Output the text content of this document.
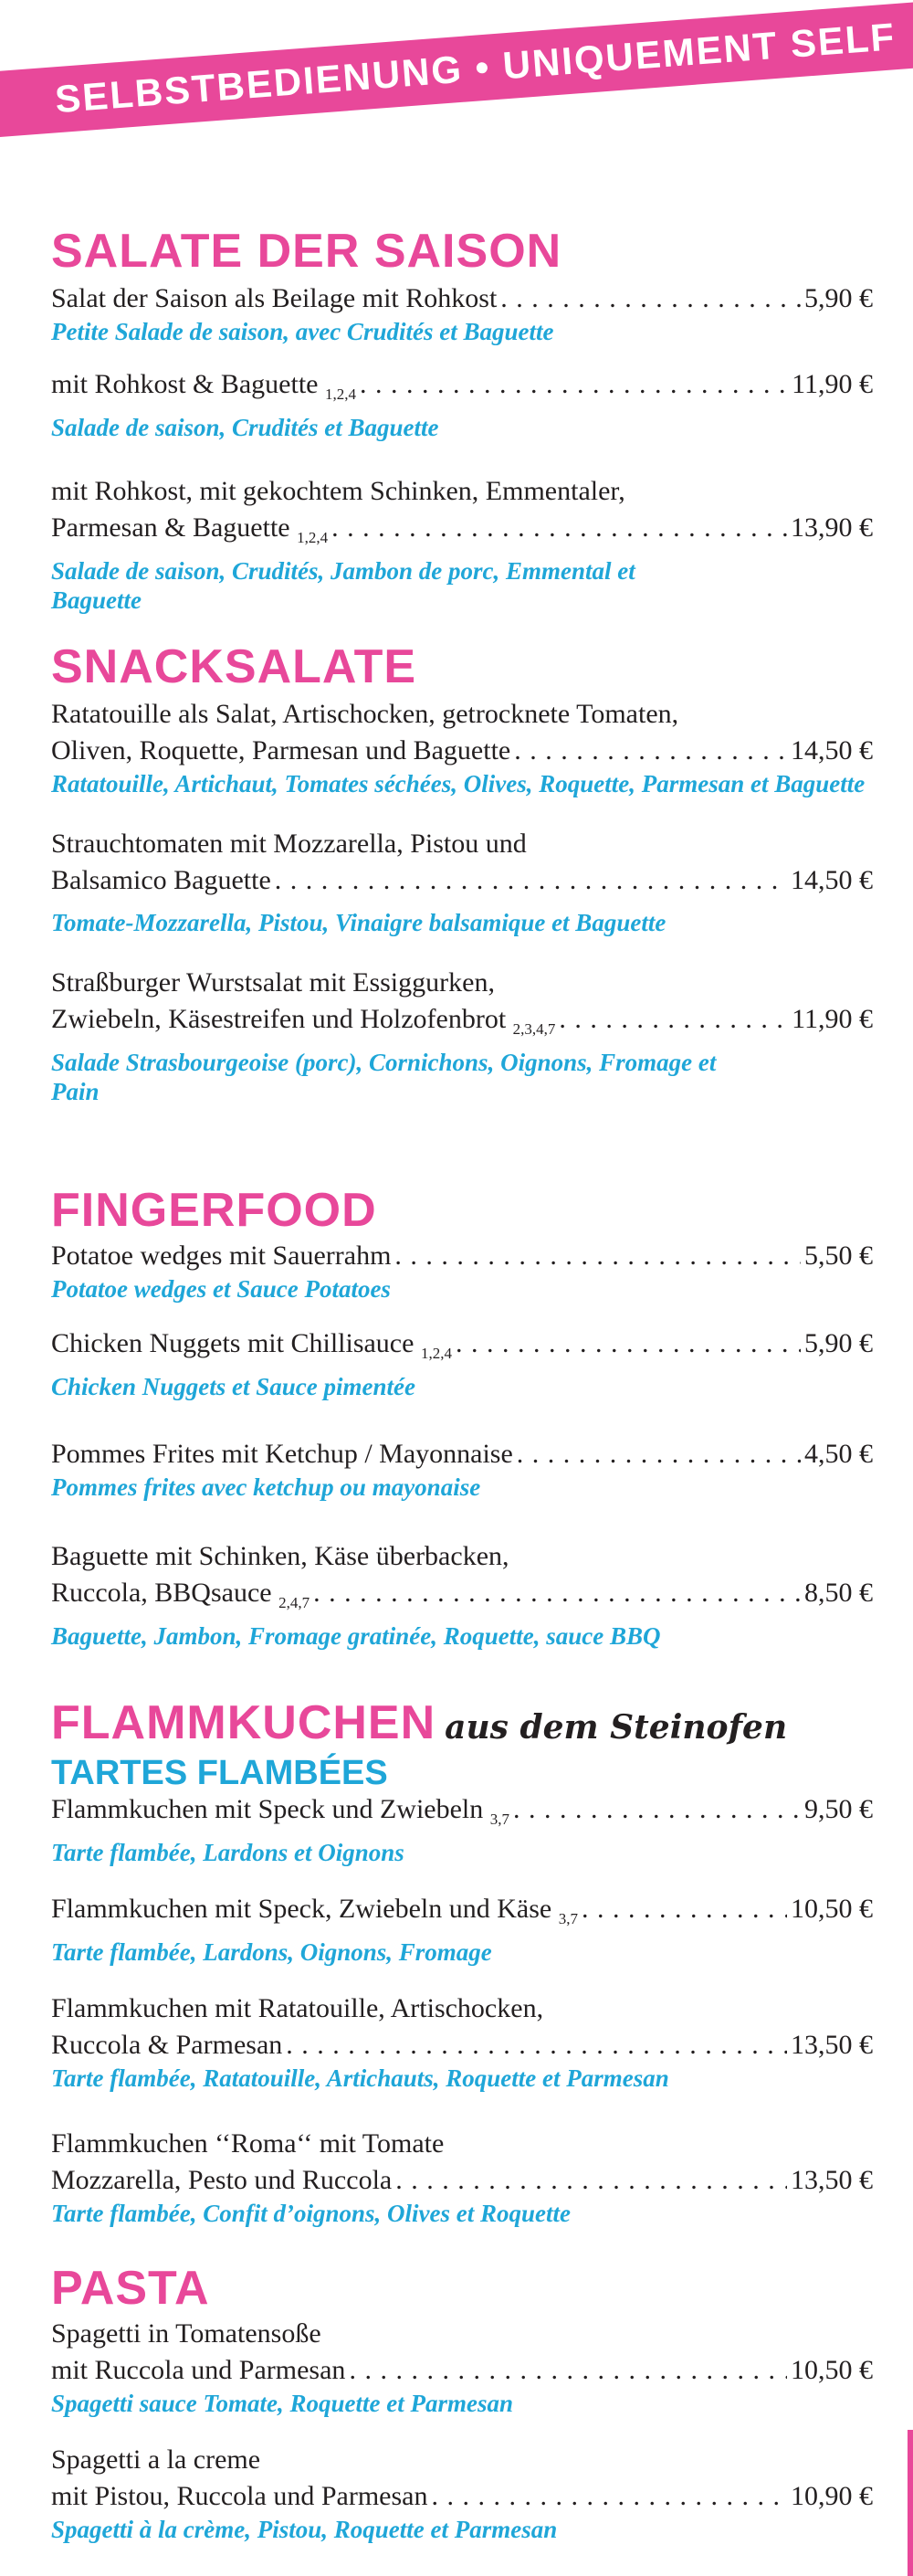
SELBSTBEDIENUNG • UNIQUEMENT SELF
SALATE DER SAISON
Salat der Saison als Beilage mit Rohkost . . .	5,90 €
Petite Salade de saison, avec Crudités et Baguette
mit Rohkost & Baguette $_{1,2,4}$ . . .	11,90 €
Salade de saison, Crudités et Baguette
mit Rohkost, mit gekochtem Schinken, Emmentaler,
Parmesan & Baguette $_{1,2,4}$ . . .	13,90 €
Salade de saison, Crudités, Jambon de porc, Emmental et Baguette
SNACKSALATE
Ratatouille als Salat, Artischocken, getrocknete Tomaten,
Oliven, Roquette, Parmesan und Baguette . . .	14,50 €
Ratatouille, Artichaut, Tomates séchées, Olives, Roquette, Parmesan et Baguette
Strauchtomaten mit Mozzarella, Pistou und
Balsamico Baguette . . .	14,50 €
Tomate-Mozzarella, Pistou, Vinaigre balsamique et Baguette
Straßburger Wurstsalat mit Essiggurken,
Zwiebeln, Käsestreifen und Holzofenbrot $_{2,3,4,7}$ . . .	11,90 €
Salade Strasbourgeoise (porc), Cornichons, Oignons, Fromage et Pain
FINGERFOOD
Potatoe wedges mit Sauerrahm . . .	5,50 €
Potatoe wedges et Sauce Potatoes
Chicken Nuggets mit Chillisauce $_{1,2,4}$ . . .	5,90 €
Chicken Nuggets et Sauce pimentée
Pommes Frites mit Ketchup / Mayonnaise . . .	4,50 €
Pommes frites avec ketchup ou mayonaise
Baguette mit Schinken, Käse überbacken,
Ruccola, BBQsauce $_{2,4,7}$ . . .	8,50 €
Baguette, Jambon, Fromage gratinée, Roquette, sauce BBQ
FLAMMKUCHEN aus dem Steinofen
TARTES FLAMBÉES
Flammkuchen mit Speck und Zwiebeln $_{3,7}$ . . .	9,50 €
Tarte flambée, Lardons et Oignons
Flammkuchen mit Speck, Zwiebeln und Käse $_{3,7}$ . . .	10,50 €
Tarte flambée, Lardons, Oignons, Fromage
Flammkuchen mit Ratatouille, Artischocken,
Ruccola & Parmesan . . .	13,50 €
Tarte flambée, Ratatouille, Artichauts, Roquette et Parmesan
Flammkuchen ‘‘Roma‘‘ mit Tomate
Mozzarella, Pesto und Ruccola . . .	13,50 €
Tarte flambée, Confit d’oignons, Olives et Roquette
PASTA
Spagetti in Tomatensoße
mit Ruccola und Parmesan . . .	10,50 €
Spagetti sauce Tomate, Roquette et Parmesan
Spagetti a la creme
mit Pistou, Ruccola und Parmesan . . .	10,90 €
Spagetti à la crème, Pistou, Roquette et Parmesan
